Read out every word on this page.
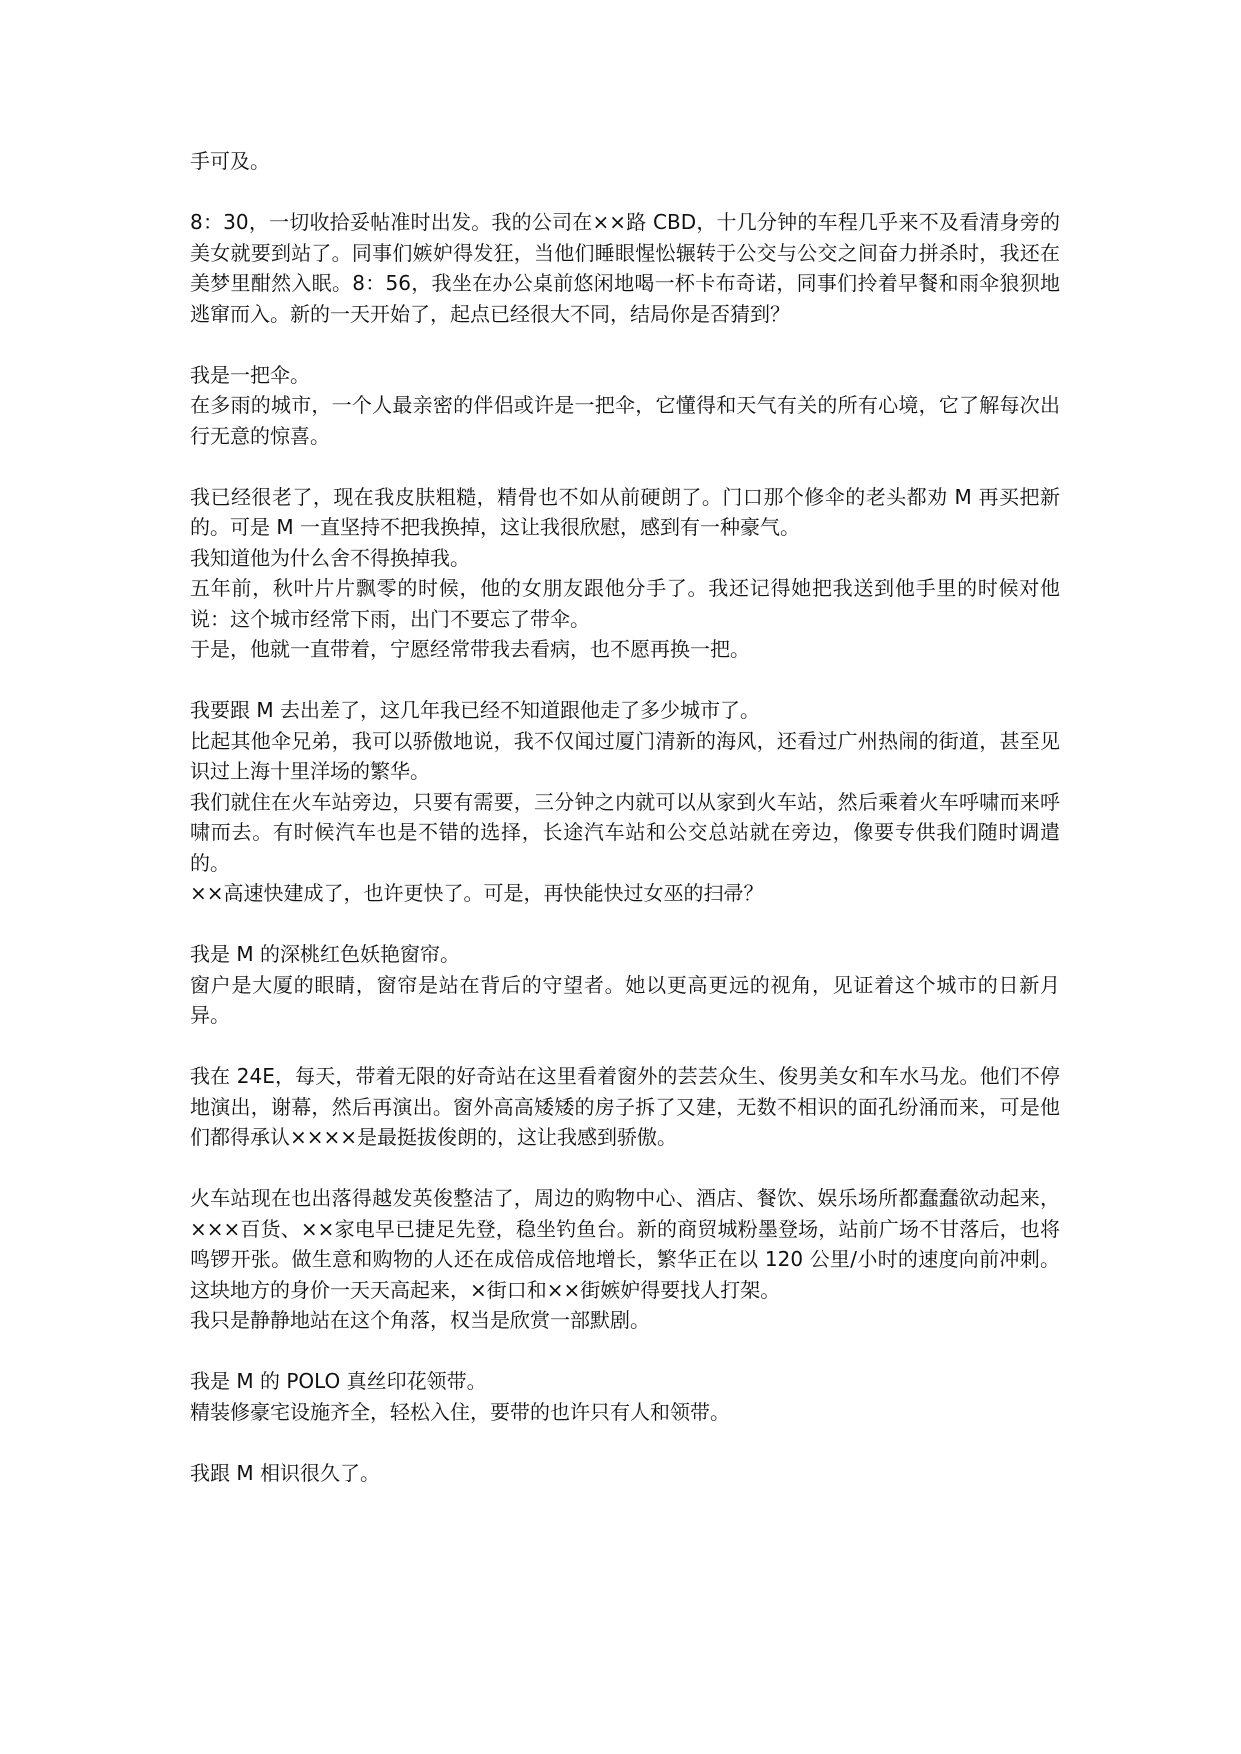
手可及。
8：30，一切收拾妥帖准时出发。我的公司在××路 CBD，十几分钟的车程几乎来不及看清身旁的美女就要到站了。同事们嫉妒得发狂，当他们睡眼惺忪辗转于公交与公交之间奋力拼杀时，我还在美梦里酣然入眠。8：56，我坐在办公桌前悠闲地喝一杯卡布奇诺，同事们拎着早餐和雨伞狼狈地逃窜而入。新的一天开始了，起点已经很大不同，结局你是否猜到？
我是一把伞。
在多雨的城市，一个人最亲密的伴侣或许是一把伞，它懂得和天气有关的所有心境，它了解每次出行无意的惊喜。
我已经很老了，现在我皮肤粗糙，精骨也不如从前硬朗了。门口那个修伞的老头都劝 M 再买把新的。可是 M 一直坚持不把我换掉，这让我很欣慰，感到有一种豪气。
我知道他为什么舍不得换掉我。
五年前，秋叶片片飘零的时候，他的女朋友跟他分手了。我还记得她把我送到他手里的时候对他说：这个城市经常下雨，出门不要忘了带伞。
于是，他就一直带着，宁愿经常带我去看病，也不愿再换一把。
我要跟 M 去出差了，这几年我已经不知道跟他走了多少城市了。
比起其他伞兄弟，我可以骄傲地说，我不仅闻过厦门清新的海风，还看过广州热闹的街道，甚至见识过上海十里洋场的繁华。
我们就住在火车站旁边，只要有需要，三分钟之内就可以从家到火车站，然后乘着火车呼啸而来呼啸而去。有时候汽车也是不错的选择，长途汽车站和公交总站就在旁边，像要专供我们随时调遣的。
××高速快建成了，也许更快了。可是，再快能快过女巫的扫帚？
我是 M 的深桃红色妖艳窗帘。
窗户是大厦的眼睛，窗帘是站在背后的守望者。她以更高更远的视角，见证着这个城市的日新月异。
我在 24E，每天，带着无限的好奇站在这里看着窗外的芸芸众生、俊男美女和车水马龙。他们不停地演出，谢幕，然后再演出。窗外高高矮矮的房子拆了又建，无数不相识的面孔纷涌而来，可是他们都得承认××××是最挺拔俊朗的，这让我感到骄傲。
火车站现在也出落得越发英俊整洁了，周边的购物中心、酒店、餐饮、娱乐场所都蠢蠢欲动起来，×××百货、××家电早已捷足先登，稳坐钓鱼台。新的商贸城粉墨登场，站前广场不甘落后，也将鸣锣开张。做生意和购物的人还在成倍成倍地增长，繁华正在以 120 公里/小时的速度向前冲刺。这块地方的身价一天天高起来，×街口和××街嫉妒得要找人打架。
我只是静静地站在这个角落，权当是欣赏一部默剧。
我是 M 的 POLO 真丝印花领带。
精装修豪宅设施齐全，轻松入住，要带的也许只有人和领带。
我跟 M 相识很久了。
